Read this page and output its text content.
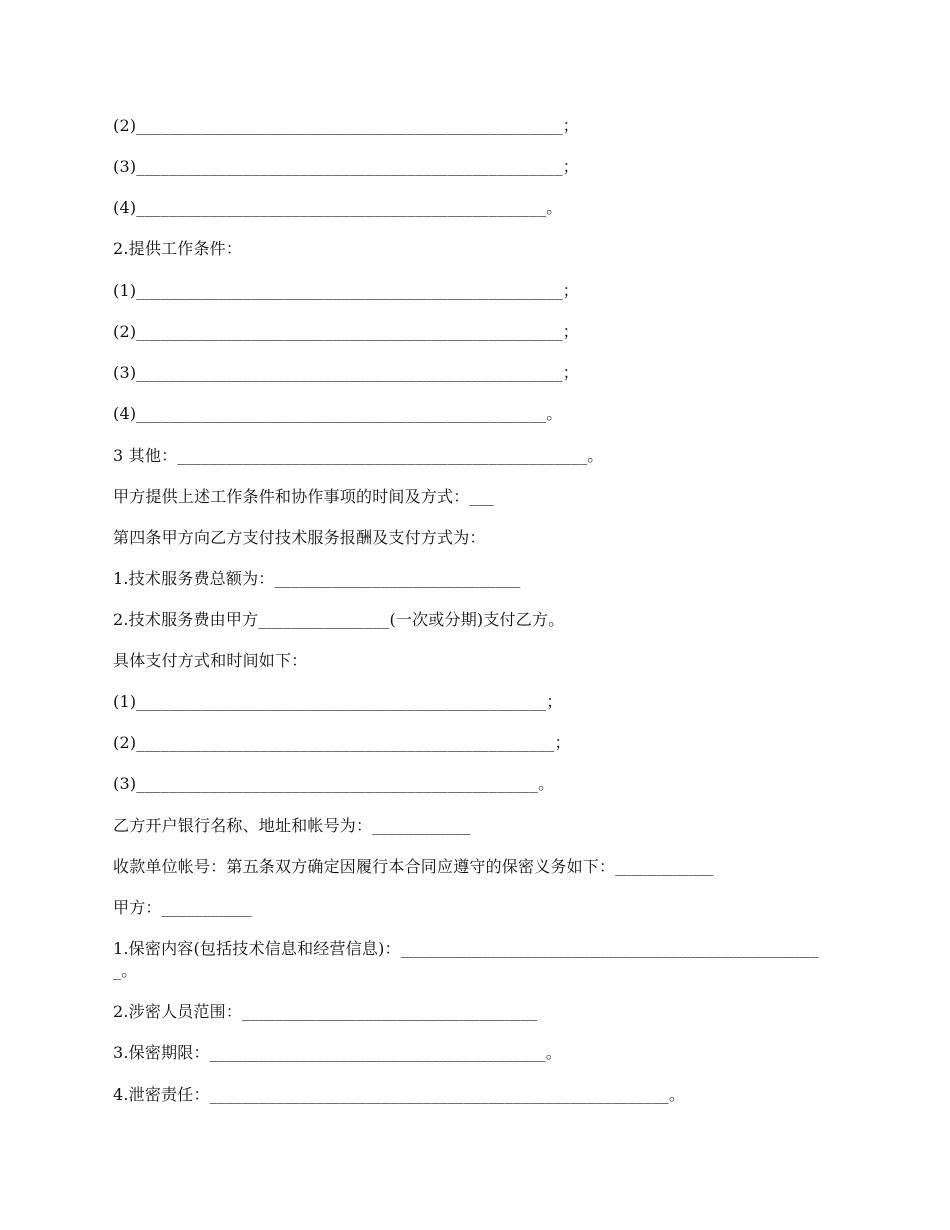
(2)____________________________________________________；
(3)____________________________________________________；
(4)__________________________________________________。
2.提供工作条件：
(1)____________________________________________________；
(2)____________________________________________________；
(3)____________________________________________________；
(4)__________________________________________________。
3 其他：__________________________________________________。
甲方提供上述工作条件和协作事项的时间及方式：___
第四条甲方向乙方支付技术服务报酬及支付方式为：
1.技术服务费总额为：______________________________
2.技术服务费由甲方________________(一次或分期)支付乙方。
具体支付方式和时间如下：
(1)__________________________________________________；
(2)___________________________________________________；
(3)_________________________________________________。
乙方开户银行名称、地址和帐号为：____________
收款单位帐号：第五条双方确定因履行本合同应遵守的保密义务如下：____________
甲方：___________
1.保密内容(包括技术信息和经营信息)：____________________________________________________。
2.涉密人员范围：____________________________________
3.保密期限：_________________________________________。
4.泄密责任：________________________________________________________。
